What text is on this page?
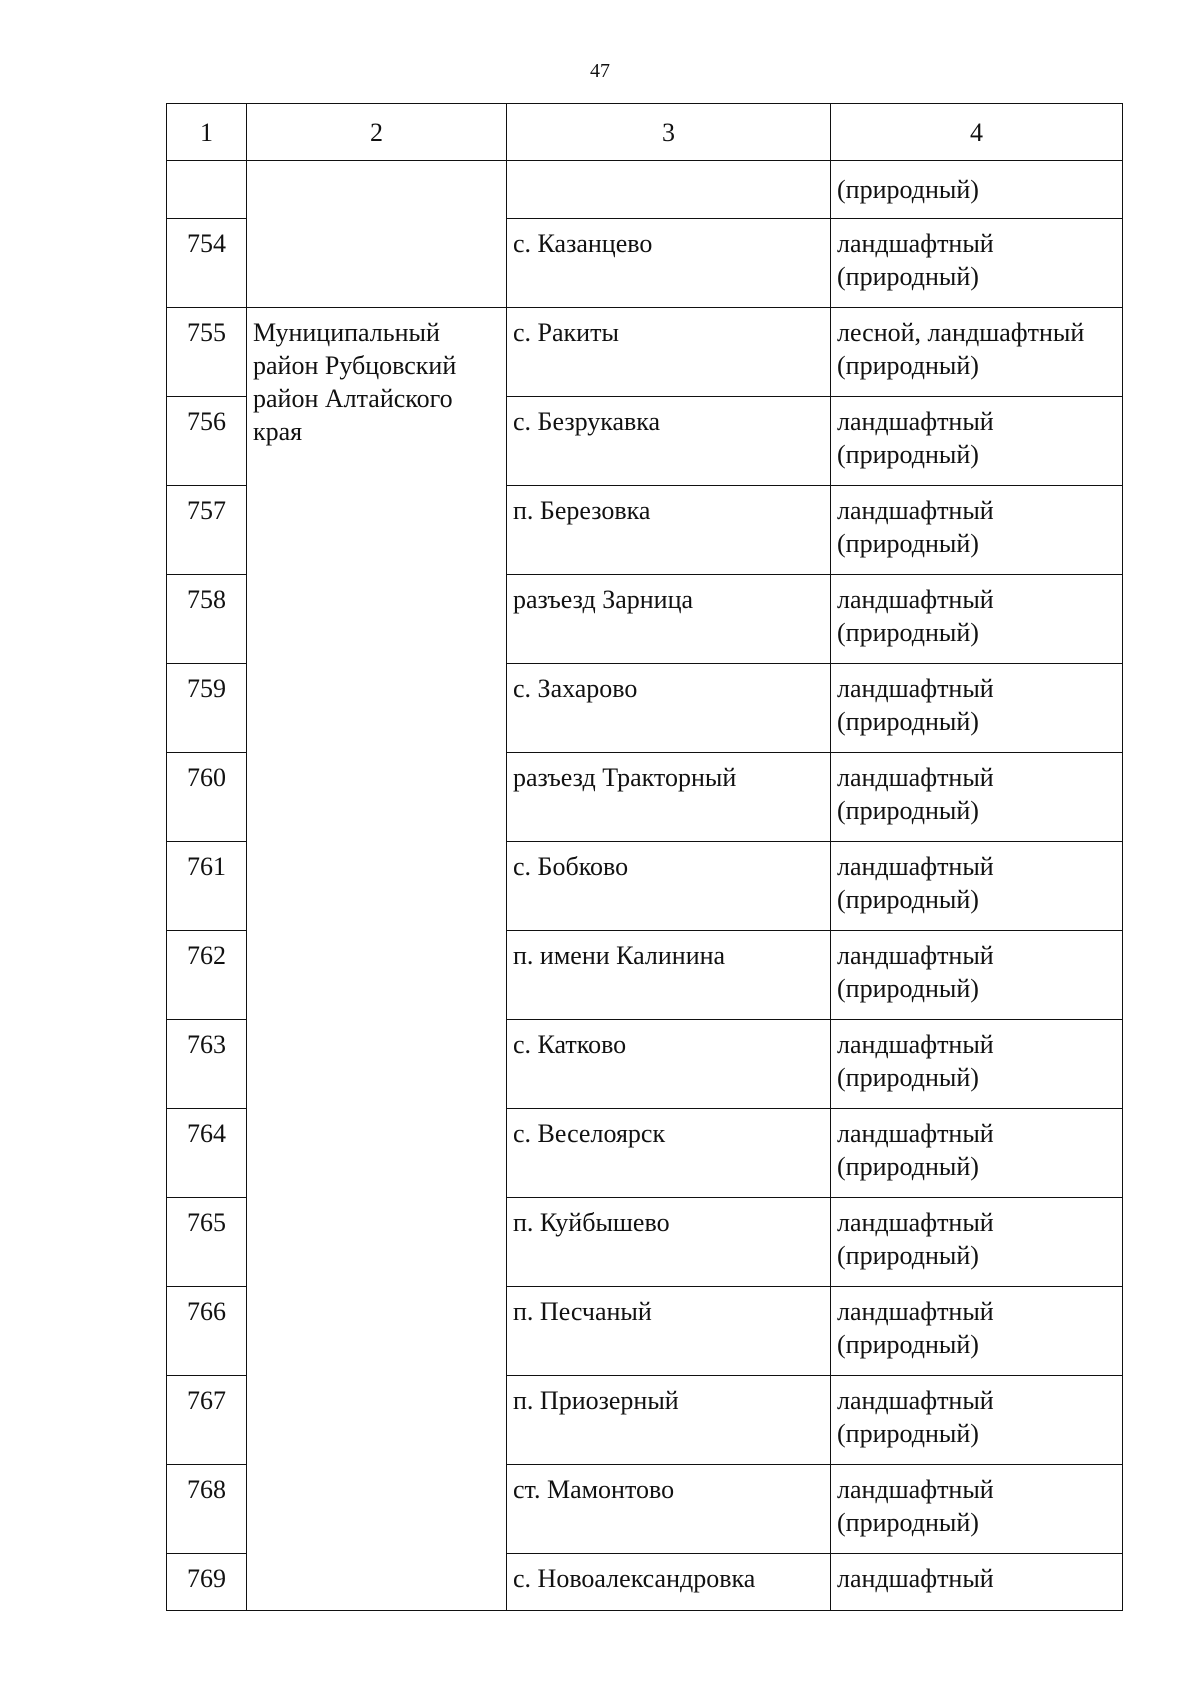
47
1	2	3	4
			(природный)
754		с. Казанцево	ландшафтный (природный)
755	Муниципальный район Рубцовский район Алтайского края	с. Ракиты	лесной, ландшафтный (природный)
756		с. Безрукавка	ландшафтный (природный)
757		п. Березовка	ландшафтный (природный)
758		разъезд Зарница	ландшафтный (природный)
759		с. Захарово	ландшафтный (природный)
760		разъезд Тракторный	ландшафтный (природный)
761		с. Бобково	ландшафтный (природный)
762		п. имени Калинина	ландшафтный (природный)
763		с. Катково	ландшафтный (природный)
764		с. Веселоярск	ландшафтный (природный)
765		п. Куйбышево	ландшафтный (природный)
766		п. Песчаный	ландшафтный (природный)
767		п. Приозерный	ландшафтный (природный)
768		ст. Мамонтово	ландшафтный (природный)
769		с. Новоалександровка	ландшафтный
